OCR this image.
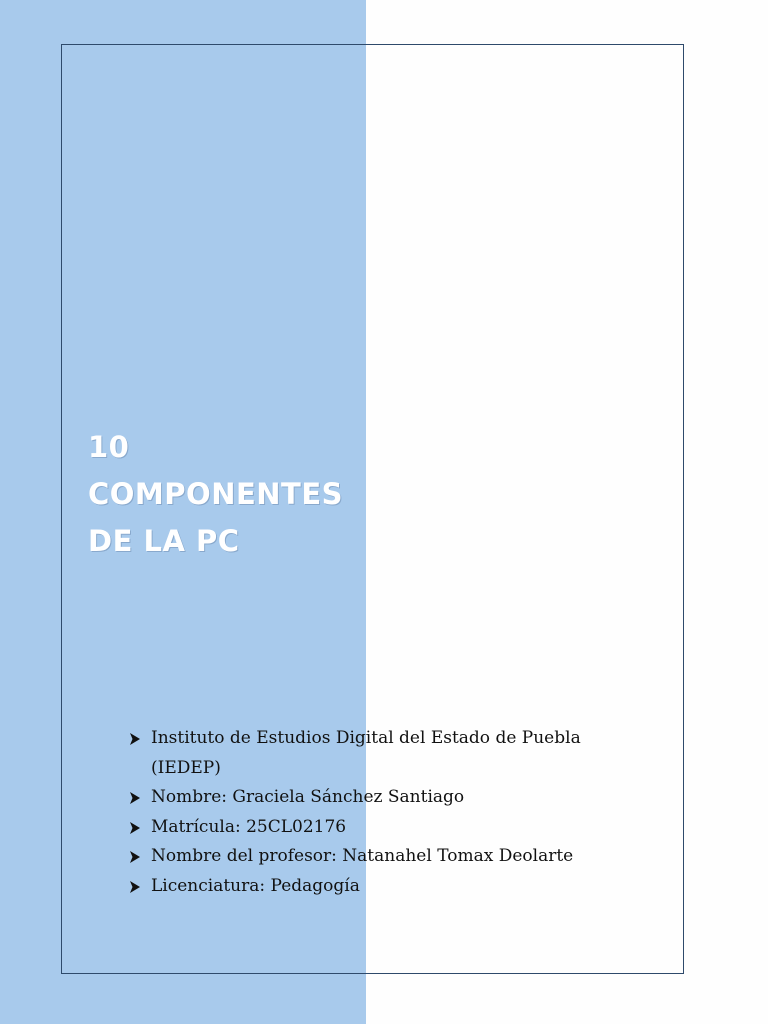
10
COMPONENTES
DE LA PC
Instituto de Estudios Digital del Estado de Puebla (IEDEP)
Nombre: Graciela Sánchez Santiago
Matrícula: 25CL02176
Nombre del profesor: Natanahel Tomax Deolarte
Licenciatura: Pedagogía
